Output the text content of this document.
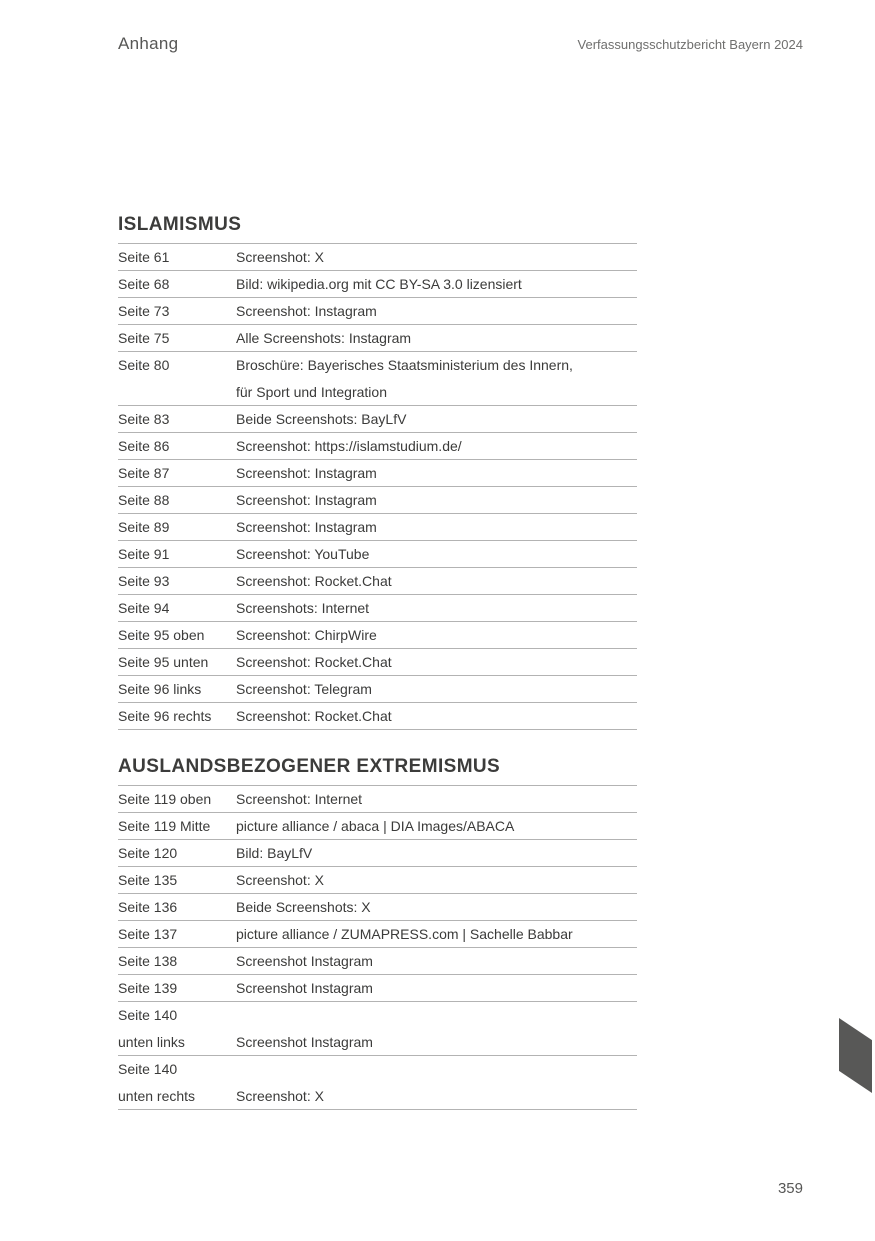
Anhang	Verfassungsschutzbericht Bayern 2024
ISLAMISMUS
Seite 61	Screenshot: X
Seite 68	Bild: wikipedia.org mit CC BY-SA 3.0 lizensiert
Seite 73	Screenshot: Instagram
Seite 75	Alle Screenshots: Instagram
Seite 80	Broschüre: Bayerisches Staatsministerium des Innern,
für Sport und Integration
Seite 83	Beide Screenshots: BayLfV
Seite 86	Screenshot: https://islamstudium.de/
Seite 87	Screenshot: Instagram
Seite 88	Screenshot: Instagram
Seite 89	Screenshot: Instagram
Seite 91	Screenshot: YouTube
Seite 93	Screenshot: Rocket.Chat
Seite 94	Screenshots: Internet
Seite 95 oben	Screenshot: ChirpWire
Seite 95 unten	Screenshot: Rocket.Chat
Seite 96 links	Screenshot: Telegram
Seite 96 rechts	Screenshot: Rocket.Chat
AUSLANDSBEZOGENER EXTREMISMUS
Seite 119 oben	Screenshot: Internet
Seite 119 Mitte	picture alliance / abaca | DIA Images/ABACA
Seite 120	Bild: BayLfV
Seite 135	Screenshot: X
Seite 136	Beide Screenshots: X
Seite 137	picture alliance / ZUMAPRESS.com | Sachelle Babbar
Seite 138	Screenshot Instagram
Seite 139	Screenshot Instagram
Seite 140
unten links	Screenshot Instagram
Seite 140
unten rechts	Screenshot: X
359
